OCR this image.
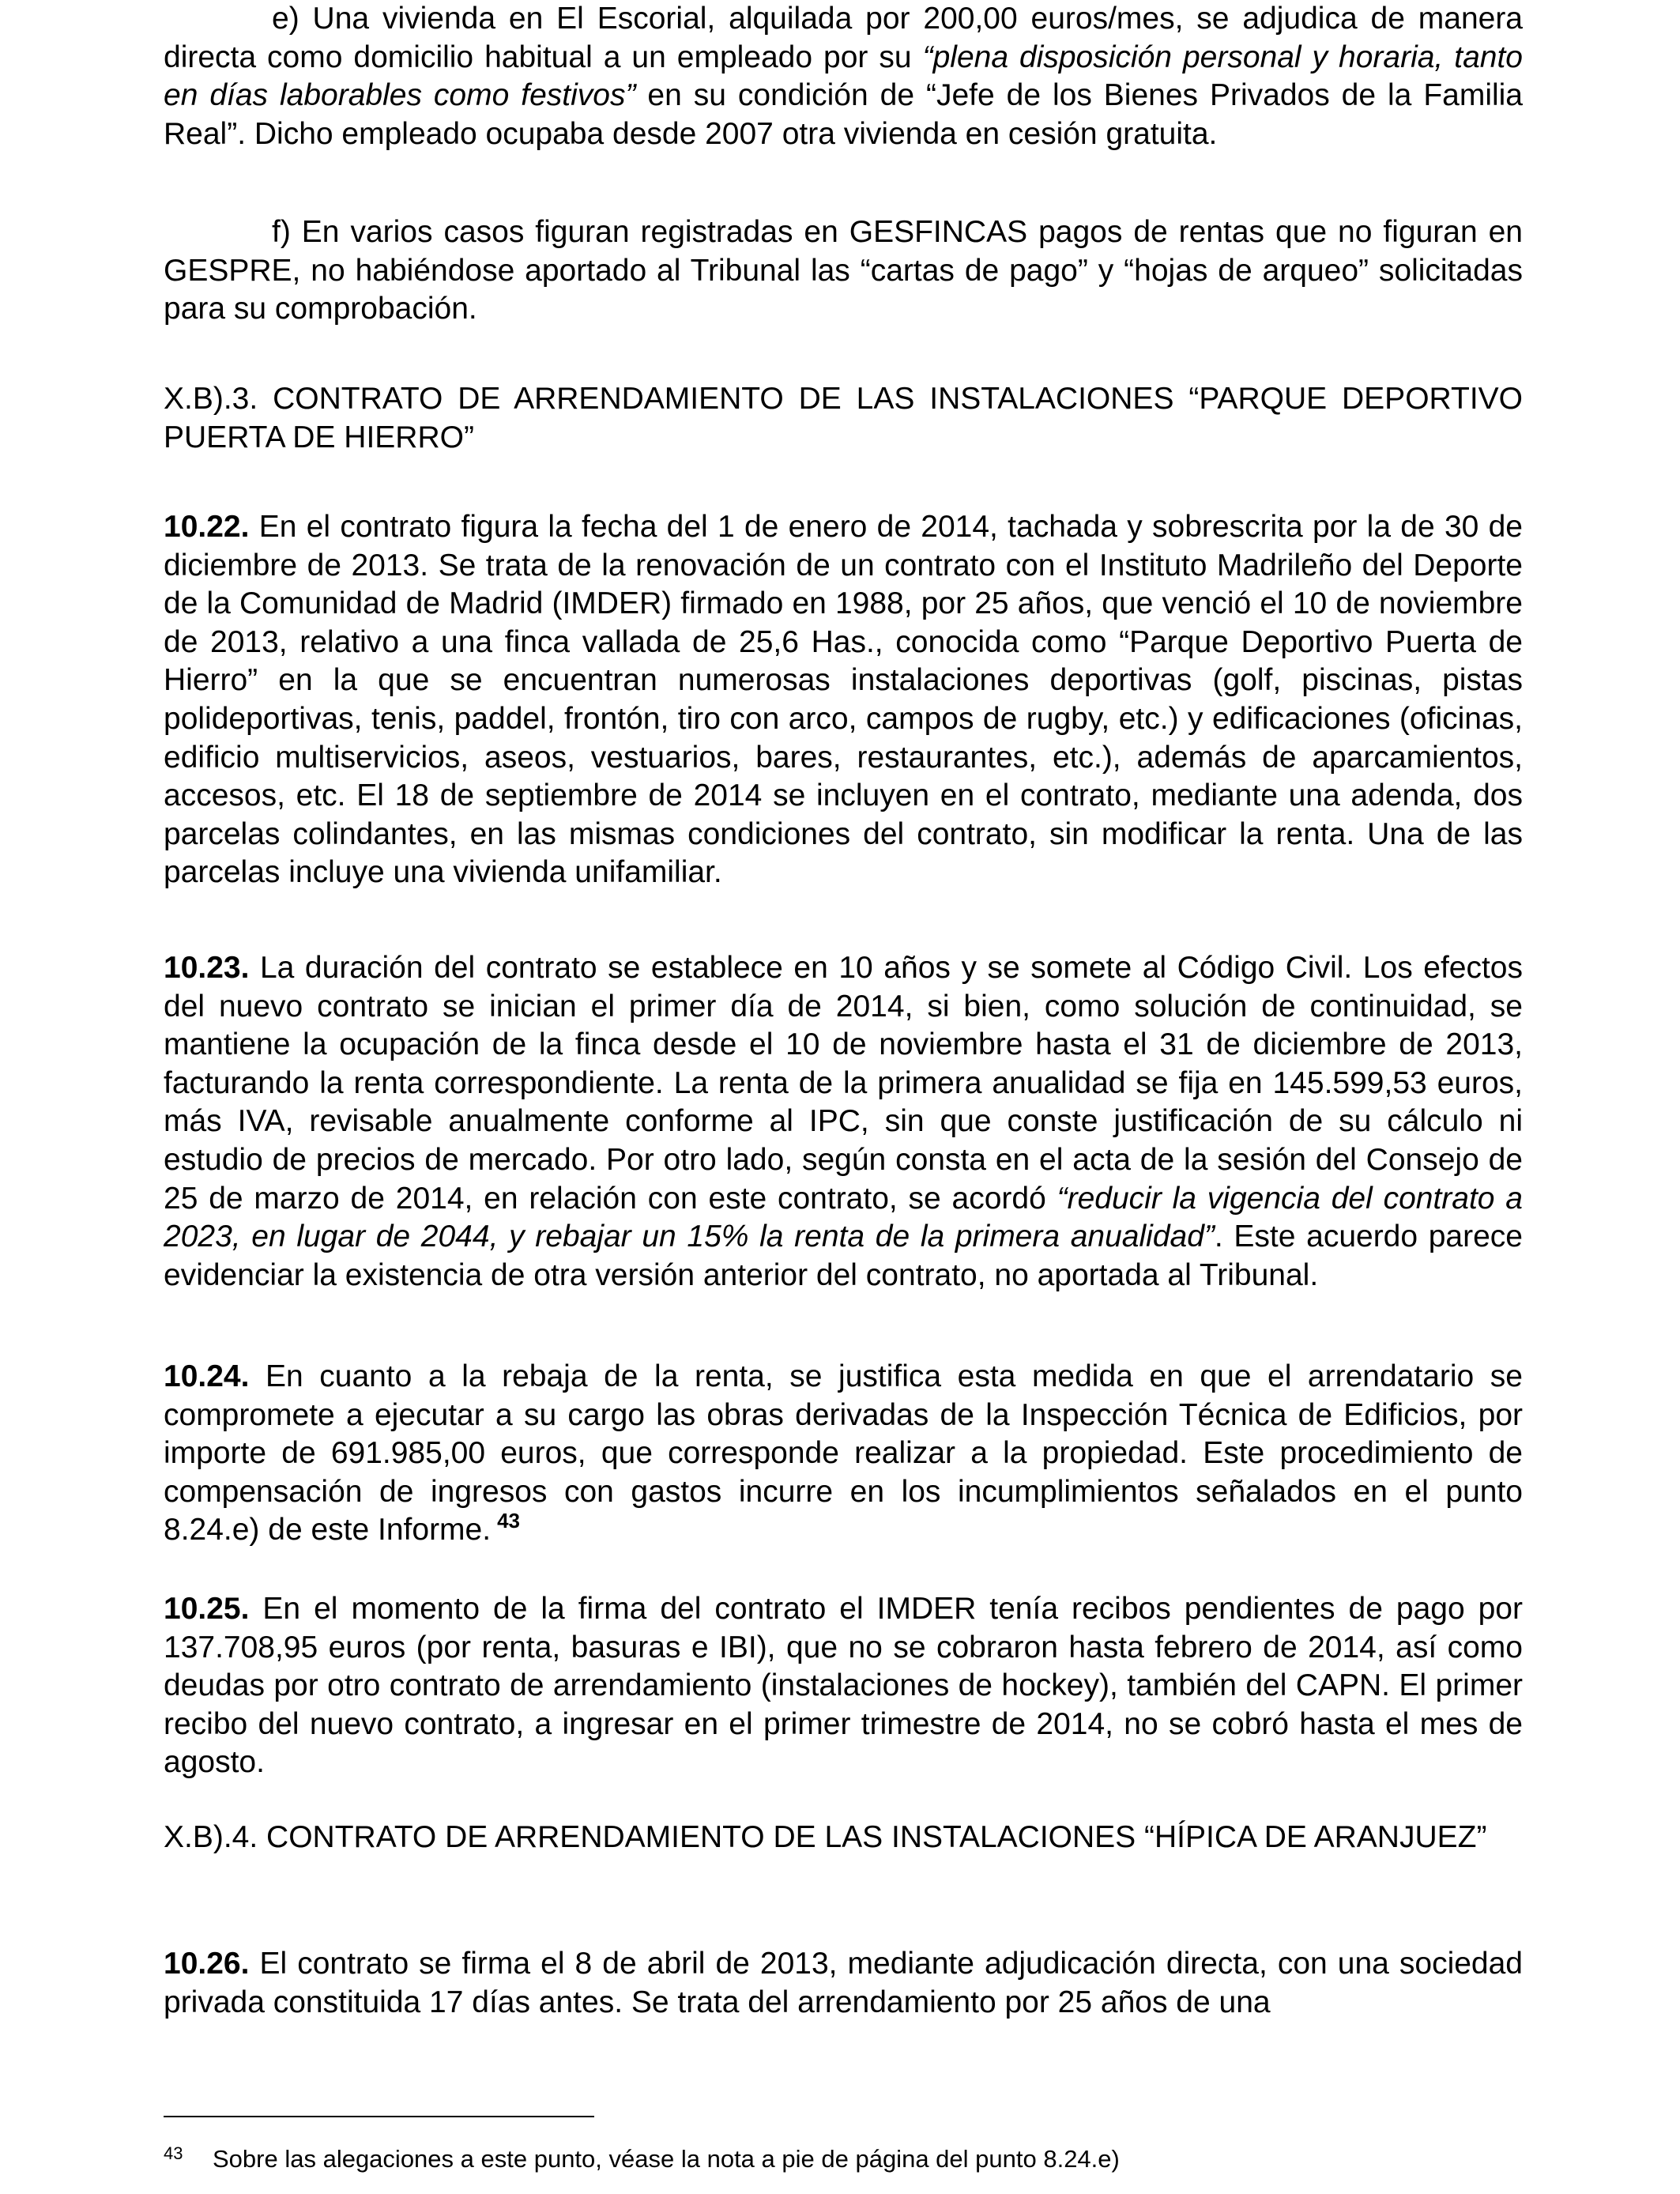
e) Una vivienda en El Escorial, alquilada por 200,00 euros/mes, se adjudica de manera directa como domicilio habitual a un empleado por su “plena disposición personal y horaria, tanto en días laborables como festivos” en su condición de “Jefe de los Bienes Privados de la Familia Real”. Dicho empleado ocupaba desde 2007 otra vivienda en cesión gratuita.

f) En varios casos figuran registradas en GESFINCAS pagos de rentas que no figuran en GESPRE, no habiéndose aportado al Tribunal las “cartas de pago” y “hojas de arqueo” solicitadas para su comprobación.

X.B).3. CONTRATO DE ARRENDAMIENTO DE LAS INSTALACIONES “PARQUE DEPORTIVO PUERTA DE HIERRO”

10.22. En el contrato figura la fecha del 1 de enero de 2014, tachada y sobrescrita por la de 30 de diciembre de 2013. Se trata de la renovación de un contrato con el Instituto Madrileño del Deporte de la Comunidad de Madrid (IMDER) firmado en 1988, por 25 años, que venció el 10 de noviembre de 2013, relativo a una finca vallada de 25,6 Has., conocida como “Parque Deportivo Puerta de Hierro” en la que se encuentran numerosas instalaciones deportivas (golf, piscinas, pistas polideportivas, tenis, paddel, frontón, tiro con arco, campos de rugby, etc.) y edificaciones (oficinas, edificio multiservicios, aseos, vestuarios, bares, restaurantes, etc.), además de aparcamientos, accesos, etc. El 18 de septiembre de 2014 se incluyen en el contrato, mediante una adenda, dos parcelas colindantes, en las mismas condiciones del contrato, sin modificar la renta. Una de las parcelas incluye una vivienda unifamiliar.

10.23. La duración del contrato se establece en 10 años y se somete al Código Civil. Los efectos del nuevo contrato se inician el primer día de 2014, si bien, como solución de continuidad, se mantiene la ocupación de la finca desde el 10 de noviembre hasta el 31 de diciembre de 2013, facturando la renta correspondiente. La renta de la primera anualidad se fija en 145.599,53 euros, más IVA, revisable anualmente conforme al IPC, sin que conste justificación de su cálculo ni estudio de precios de mercado. Por otro lado, según consta en el acta de la sesión del Consejo de 25 de marzo de 2014, en relación con este contrato, se acordó “reducir la vigencia del contrato a 2023, en lugar de 2044, y rebajar un 15% la renta de la primera anualidad”. Este acuerdo parece evidenciar la existencia de otra versión anterior del contrato, no aportada al Tribunal.

10.24. En cuanto a la rebaja de la renta, se justifica esta medida en que el arrendatario se compromete a ejecutar a su cargo las obras derivadas de la Inspección Técnica de Edificios, por importe de 691.985,00 euros, que corresponde realizar a la propiedad. Este procedimiento de compensación de ingresos con gastos incurre en los incumplimientos señalados en el punto 8.24.e) de este Informe. $^{43}$

10.25. En el momento de la firma del contrato el IMDER tenía recibos pendientes de pago por 137.708,95 euros (por renta, basuras e IBI), que no se cobraron hasta febrero de 2014, así como deudas por otro contrato de arrendamiento (instalaciones de hockey), también del CAPN. El primer recibo del nuevo contrato, a ingresar en el primer trimestre de 2014, no se cobró hasta el mes de agosto.

X.B).4. CONTRATO DE ARRENDAMIENTO DE LAS INSTALACIONES “HÍPICA DE ARANJUEZ”

10.26. El contrato se firma el 8 de abril de 2013, mediante adjudicación directa, con una sociedad privada constituida 17 días antes. Se trata del arrendamiento por 25 años de una

43 Sobre las alegaciones a este punto, véase la nota a pie de página del punto 8.24.e)
